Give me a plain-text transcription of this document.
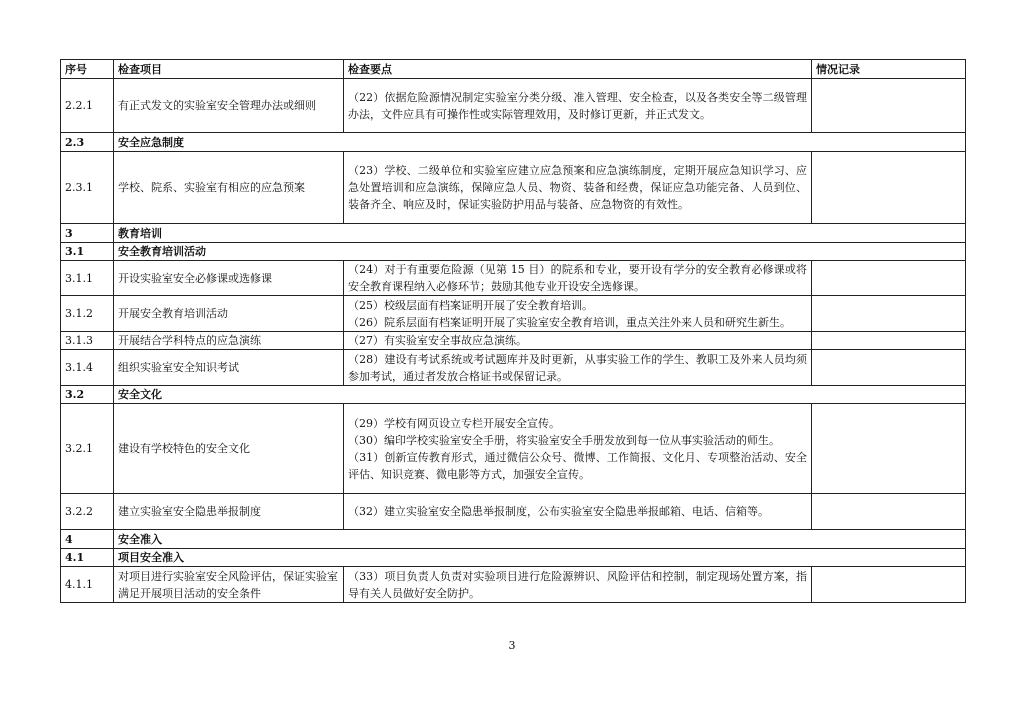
序号	检查项目	检查要点	情况记录
2.2.1	有正式发文的实验室安全管理办法或细则	（22）依据危险源情况制定实验室分类分级、准入管理、安全检查，以及各类安全等二级管理办法，文件应具有可操作性或实际管理效用，及时修订更新，并正式发文。	

2.3	安全应急制度		
2.3.1	学校、院系、实验室有相应的应急预案	（23）学校、二级单位和实验室应建立应急预案和应急演练制度，定期开展应急知识学习、应急处置培训和应急演练，保障应急人员、物资、装备和经费，保证应急功能完备、人员到位、装备齐全、响应及时，保证实验防护用品与装备、应急物资的有效性。	

3	教育培训		
3.1	安全教育培训活动		
3.1.1	开设实验室安全必修课或选修课	（24）对于有重要危险源（见第 15 目）的院系和专业，要开设有学分的安全教育必修课或将安全教育课程纳入必修环节；鼓励其他专业开设安全选修课。	

3.1.2	开展安全教育培训活动	（25）校级层面有档案证明开展了安全教育培训。
（26）院系层面有档案证明开展了实验室安全教育培训，重点关注外来人员和研究生新生。	

3.1.3	开展结合学科特点的应急演练	（27）有实验室安全事故应急演练。	

3.1.4	组织实验室安全知识考试	（28）建设有考试系统或考试题库并及时更新，从事实验工作的学生、教职工及外来人员均须参加考试，通过者发放合格证书或保留记录。	

3.2	安全文化		
3.2.1	建设有学校特色的安全文化	（29）学校有网页设立专栏开展安全宣传。
（30）编印学校实验室安全手册，将实验室安全手册发放到每一位从事实验活动的师生。
（31）创新宣传教育形式，通过微信公众号、微博、工作简报、文化月、专项整治活动、安全评估、知识竞赛、微电影等方式，加强安全宣传。	

3.2.2	建立实验室安全隐患举报制度	（32）建立实验室安全隐患举报制度，公布实验室安全隐患举报邮箱、电话、信箱等。	

4	安全准入		
4.1	项目安全准入		
4.1.1	对项目进行实验室安全风险评估，保证实验室满足开展项目活动的安全条件	（33）项目负责人负责对实验项目进行危险源辨识、风险评估和控制，制定现场处置方案，指导有关人员做好安全防护。	

3
